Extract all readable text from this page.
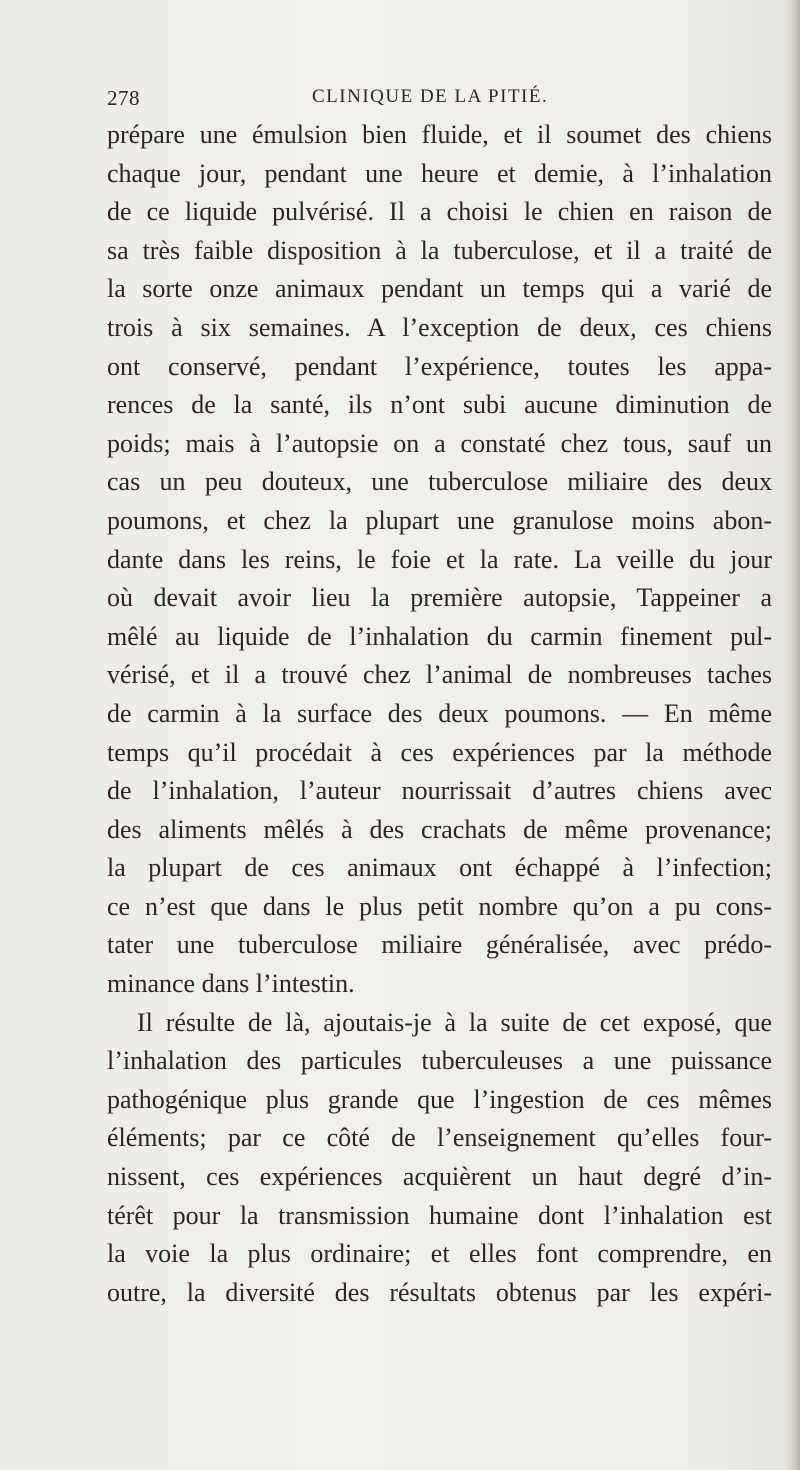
278	CLINIQUE DE LA PITIÉ.
prépare une émulsion bien fluide, et il soumet des chiens
chaque jour, pendant une heure et demie, à l’inhalation
de ce liquide pulvérisé. Il a choisi le chien en raison de
sa très faible disposition à la tuberculose, et il a traité de
la sorte onze animaux pendant un temps qui a varié de
trois à six semaines. A l’exception de deux, ces chiens
ont conservé, pendant l’expérience, toutes les appa-
rences de la santé, ils n’ont subi aucune diminution de
poids; mais à l’autopsie on a constaté chez tous, sauf un
cas un peu douteux, une tuberculose miliaire des deux
poumons, et chez la plupart une granulose moins abon-
dante dans les reins, le foie et la rate. La veille du jour
où devait avoir lieu la première autopsie, Tappeiner a
mêlé au liquide de l’inhalation du carmin finement pul-
vérisé, et il a trouvé chez l’animal de nombreuses taches
de carmin à la surface des deux poumons. — En même
temps qu’il procédait à ces expériences par la méthode
de l’inhalation, l’auteur nourrissait d’autres chiens avec
des aliments mêlés à des crachats de même provenance;
la plupart de ces animaux ont échappé à l’infection;
ce n’est que dans le plus petit nombre qu’on a pu cons-
tater une tuberculose miliaire généralisée, avec prédo-
minance dans l’intestin.
Il résulte de là, ajoutais-je à la suite de cet exposé, que
l’inhalation des particules tuberculeuses a une puissance
pathogénique plus grande que l’ingestion de ces mêmes
éléments; par ce côté de l’enseignement qu’elles four-
nissent, ces expériences acquièrent un haut degré d’in-
térêt pour la transmission humaine dont l’inhalation est
la voie la plus ordinaire; et elles font comprendre, en
outre, la diversité des résultats obtenus par les expéri-
